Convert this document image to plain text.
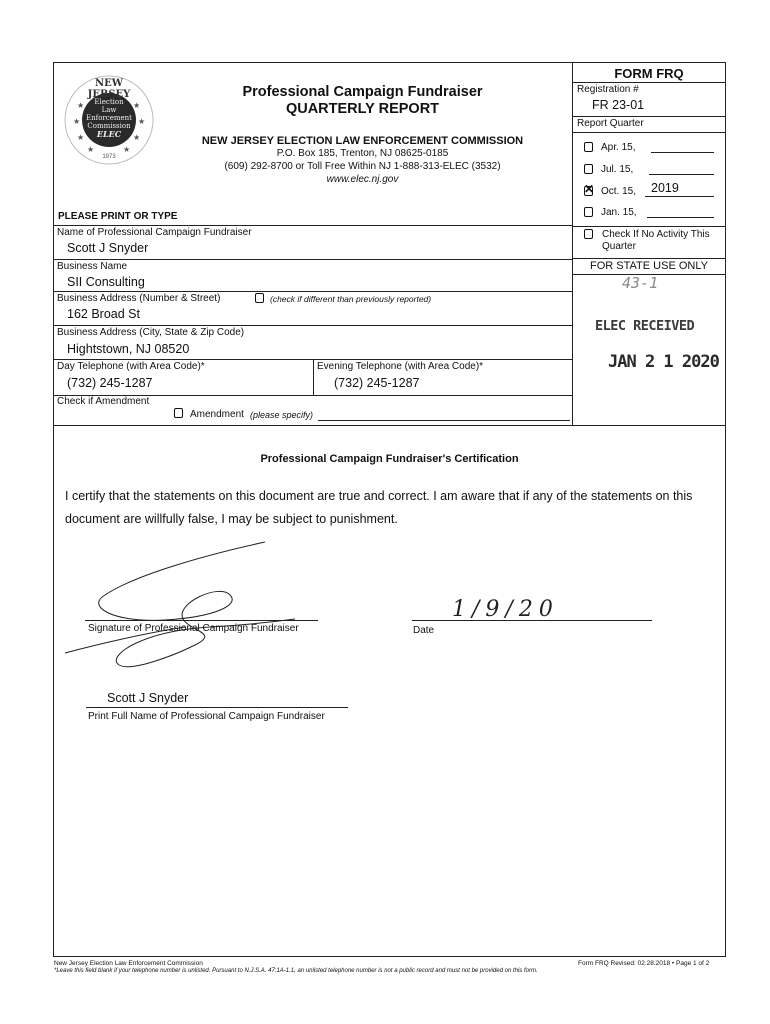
★	★
★	★
★	★
★	★
NEW JERSEY
Election
Law
Enforcement
Commission
ELEC
1973
Professional Campaign Fundraiser
QUARTERLY REPORT
NEW JERSEY ELECTION LAW ENFORCEMENT COMMISSION
P.O. Box 185, Trenton, NJ 08625-0185
(609) 292-8700 or Toll Free Within NJ 1-888-313-ELEC (3532)
www.elec.nj.gov
PLEASE PRINT OR TYPE
FORM FRQ
Registration #
FR 23-01
Report Quarter
Apr. 15,
Jul. 15,
✕ Oct. 15, 2019
Jan. 15,
Check If No Activity This
Quarter
FOR STATE USE ONLY
43-1
ELEC RECEIVED
JAN 2 1 2020
Name of Professional Campaign Fundraiser
Scott J Snyder
Business Name
SII Consulting
Business Address (Number & Street)	(check if different than previously reported)
162 Broad St
Business Address (City, State & Zip Code)
Hightstown, NJ 08520
Day Telephone (with Area Code)*
(732) 245-1287
Evening Telephone (with Area Code)*
(732) 245-1287
Check if Amendment
Amendment (please specify)
Professional Campaign Fundraiser's Certification
I certify that the statements on this document are true and correct. I am aware that if any of the statements on this
document are willfully false, I may be subject to punishment.
Signature of Professional Campaign Fundraiser
1/9/20
Date
Scott J Snyder
Print Full Name of Professional Campaign Fundraiser
New Jersey Election Law Enforcement Commission
*Leave this field blank if your telephone number is unlisted. Pursuant to N.J.S.A. 47:1A-1.1, an unlisted telephone number is not a public record and must not be provided on this form.
Form FRQ Revised: 02.28.2018 • Page 1 of 2
